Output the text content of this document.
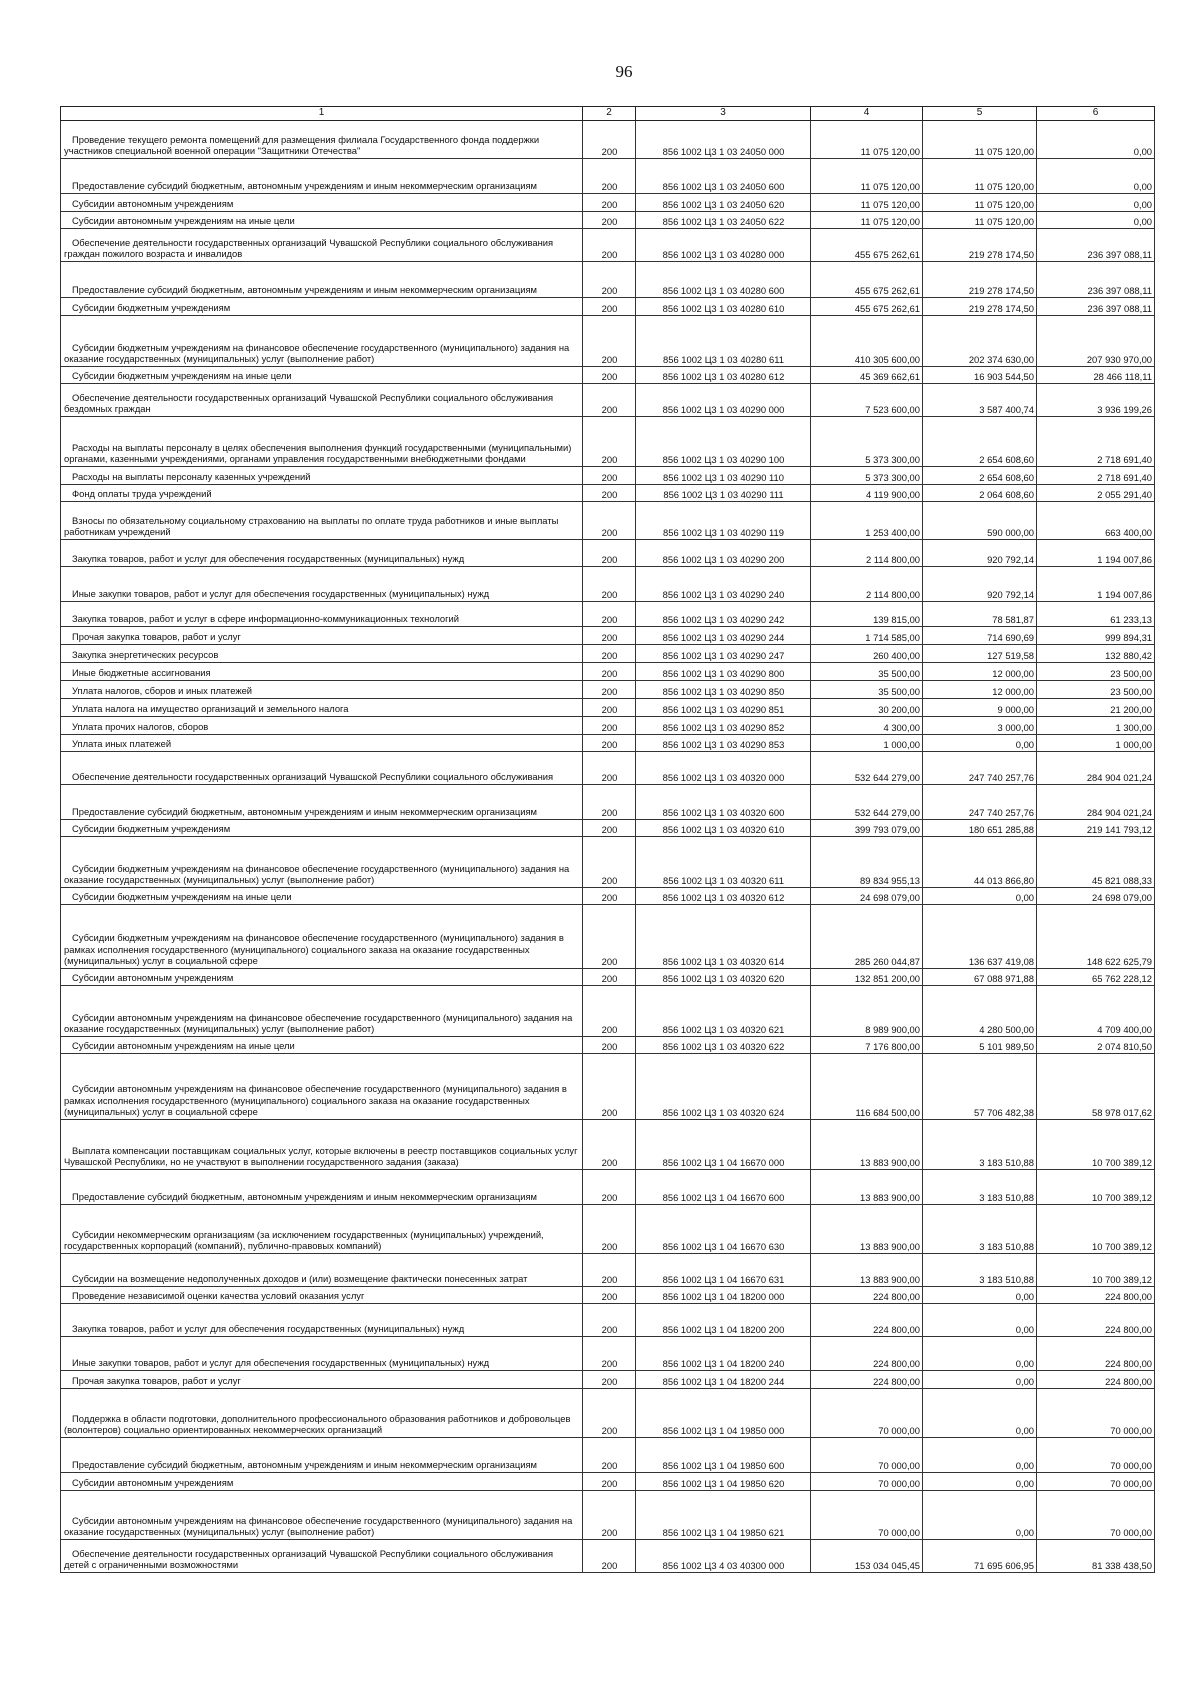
96
1	2	3	4	5	6
Проведение текущего ремонта помещений для размещения филиала Государственного фонда поддержки участников специальной военной операции "Защитники Отечества"	200	856 1002 Ц3 1 03 24050 000	11 075 120,00	11 075 120,00	0,00
Предоставление субсидий бюджетным, автономным учреждениям и иным некоммерческим организациям	200	856 1002 Ц3 1 03 24050 600	11 075 120,00	11 075 120,00	0,00
Субсидии автономным учреждениям	200	856 1002 Ц3 1 03 24050 620	11 075 120,00	11 075 120,00	0,00
Субсидии автономным учреждениям на иные цели	200	856 1002 Ц3 1 03 24050 622	11 075 120,00	11 075 120,00	0,00
Обеспечение деятельности государственных организаций Чувашской Республики социального обслуживания граждан пожилого возраста и инвалидов	200	856 1002 Ц3 1 03 40280 000	455 675 262,61	219 278 174,50	236 397 088,11
Предоставление субсидий бюджетным, автономным учреждениям и иным некоммерческим организациям	200	856 1002 Ц3 1 03 40280 600	455 675 262,61	219 278 174,50	236 397 088,11
Субсидии бюджетным учреждениям	200	856 1002 Ц3 1 03 40280 610	455 675 262,61	219 278 174,50	236 397 088,11
Субсидии бюджетным учреждениям на финансовое обеспечение государственного (муниципального) задания на оказание государственных (муниципальных) услуг (выполнение работ)	200	856 1002 Ц3 1 03 40280 611	410 305 600,00	202 374 630,00	207 930 970,00
Субсидии бюджетным учреждениям на иные цели	200	856 1002 Ц3 1 03 40280 612	45 369 662,61	16 903 544,50	28 466 118,11
Обеспечение деятельности государственных организаций Чувашской Республики социального обслуживания бездомных граждан	200	856 1002 Ц3 1 03 40290 000	7 523 600,00	3 587 400,74	3 936 199,26
Расходы на выплаты персоналу в целях обеспечения выполнения функций государственными (муниципальными) органами, казенными учреждениями, органами управления государственными внебюджетными фондами	200	856 1002 Ц3 1 03 40290 100	5 373 300,00	2 654 608,60	2 718 691,40
Расходы на выплаты персоналу казенных учреждений	200	856 1002 Ц3 1 03 40290 110	5 373 300,00	2 654 608,60	2 718 691,40
Фонд оплаты труда учреждений	200	856 1002 Ц3 1 03 40290 111	4 119 900,00	2 064 608,60	2 055 291,40
Взносы по обязательному социальному страхованию на выплаты по оплате труда работников и иные выплаты работникам учреждений	200	856 1002 Ц3 1 03 40290 119	1 253 400,00	590 000,00	663 400,00
Закупка товаров, работ и услуг для обеспечения государственных (муниципальных) нужд	200	856 1002 Ц3 1 03 40290 200	2 114 800,00	920 792,14	1 194 007,86
Иные закупки товаров, работ и услуг для обеспечения государственных (муниципальных) нужд	200	856 1002 Ц3 1 03 40290 240	2 114 800,00	920 792,14	1 194 007,86
Закупка товаров, работ и услуг в сфере информационно-коммуникационных технологий	200	856 1002 Ц3 1 03 40290 242	139 815,00	78 581,87	61 233,13
Прочая закупка товаров, работ и услуг	200	856 1002 Ц3 1 03 40290 244	1 714 585,00	714 690,69	999 894,31
Закупка энергетических ресурсов	200	856 1002 Ц3 1 03 40290 247	260 400,00	127 519,58	132 880,42
Иные бюджетные ассигнования	200	856 1002 Ц3 1 03 40290 800	35 500,00	12 000,00	23 500,00
Уплата налогов, сборов и иных платежей	200	856 1002 Ц3 1 03 40290 850	35 500,00	12 000,00	23 500,00
Уплата налога на имущество организаций и земельного налога	200	856 1002 Ц3 1 03 40290 851	30 200,00	9 000,00	21 200,00
Уплата прочих налогов, сборов	200	856 1002 Ц3 1 03 40290 852	4 300,00	3 000,00	1 300,00
Уплата иных платежей	200	856 1002 Ц3 1 03 40290 853	1 000,00	0,00	1 000,00
Обеспечение деятельности государственных организаций Чувашской Республики социального обслуживания	200	856 1002 Ц3 1 03 40320 000	532 644 279,00	247 740 257,76	284 904 021,24
Предоставление субсидий бюджетным, автономным учреждениям и иным некоммерческим организациям	200	856 1002 Ц3 1 03 40320 600	532 644 279,00	247 740 257,76	284 904 021,24
Субсидии бюджетным учреждениям	200	856 1002 Ц3 1 03 40320 610	399 793 079,00	180 651 285,88	219 141 793,12
Субсидии бюджетным учреждениям на финансовое обеспечение государственного (муниципального) задания на оказание государственных (муниципальных) услуг (выполнение работ)	200	856 1002 Ц3 1 03 40320 611	89 834 955,13	44 013 866,80	45 821 088,33
Субсидии бюджетным учреждениям на иные цели	200	856 1002 Ц3 1 03 40320 612	24 698 079,00	0,00	24 698 079,00
Субсидии бюджетным учреждениям на финансовое обеспечение государственного (муниципального) задания в рамках исполнения государственного (муниципального) социального заказа на оказание государственных (муниципальных) услуг в социальной сфере	200	856 1002 Ц3 1 03 40320 614	285 260 044,87	136 637 419,08	148 622 625,79
Субсидии автономным учреждениям	200	856 1002 Ц3 1 03 40320 620	132 851 200,00	67 088 971,88	65 762 228,12
Субсидии автономным учреждениям на финансовое обеспечение государственного (муниципального) задания на оказание государственных (муниципальных) услуг (выполнение работ)	200	856 1002 Ц3 1 03 40320 621	8 989 900,00	4 280 500,00	4 709 400,00
Субсидии автономным учреждениям на иные цели	200	856 1002 Ц3 1 03 40320 622	7 176 800,00	5 101 989,50	2 074 810,50
Субсидии автономным учреждениям на финансовое обеспечение государственного (муниципального) задания в рамках исполнения государственного (муниципального) социального заказа на оказание государственных (муниципальных) услуг в социальной сфере	200	856 1002 Ц3 1 03 40320 624	116 684 500,00	57 706 482,38	58 978 017,62
Выплата компенсации поставщикам социальных услуг, которые включены в реестр поставщиков социальных услуг Чувашской Республики, но не участвуют в выполнении государственного задания (заказа)	200	856 1002 Ц3 1 04 16670 000	13 883 900,00	3 183 510,88	10 700 389,12
Предоставление субсидий бюджетным, автономным учреждениям и иным некоммерческим организациям	200	856 1002 Ц3 1 04 16670 600	13 883 900,00	3 183 510,88	10 700 389,12
Субсидии некоммерческим организациям (за исключением государственных (муниципальных) учреждений, государственных корпораций (компаний), публично-правовых компаний)	200	856 1002 Ц3 1 04 16670 630	13 883 900,00	3 183 510,88	10 700 389,12
Субсидии на возмещение недополученных доходов и (или) возмещение фактически понесенных затрат	200	856 1002 Ц3 1 04 16670 631	13 883 900,00	3 183 510,88	10 700 389,12
Проведение независимой оценки качества условий оказания услуг	200	856 1002 Ц3 1 04 18200 000	224 800,00	0,00	224 800,00
Закупка товаров, работ и услуг для обеспечения государственных (муниципальных) нужд	200	856 1002 Ц3 1 04 18200 200	224 800,00	0,00	224 800,00
Иные закупки товаров, работ и услуг для обеспечения государственных (муниципальных) нужд	200	856 1002 Ц3 1 04 18200 240	224 800,00	0,00	224 800,00
Прочая закупка товаров, работ и услуг	200	856 1002 Ц3 1 04 18200 244	224 800,00	0,00	224 800,00
Поддержка в области подготовки, дополнительного профессионального образования работников и добровольцев (волонтеров) социально ориентированных некоммерческих организаций	200	856 1002 Ц3 1 04 19850 000	70 000,00	0,00	70 000,00
Предоставление субсидий бюджетным, автономным учреждениям и иным некоммерческим организациям	200	856 1002 Ц3 1 04 19850 600	70 000,00	0,00	70 000,00
Субсидии автономным учреждениям	200	856 1002 Ц3 1 04 19850 620	70 000,00	0,00	70 000,00
Субсидии автономным учреждениям на финансовое обеспечение государственного (муниципального) задания на оказание государственных (муниципальных) услуг (выполнение работ)	200	856 1002 Ц3 1 04 19850 621	70 000,00	0,00	70 000,00
Обеспечение деятельности государственных организаций Чувашской Республики социального обслуживания детей с ограниченными возможностями	200	856 1002 Ц3 4 03 40300 000	153 034 045,45	71 695 606,95	81 338 438,50
